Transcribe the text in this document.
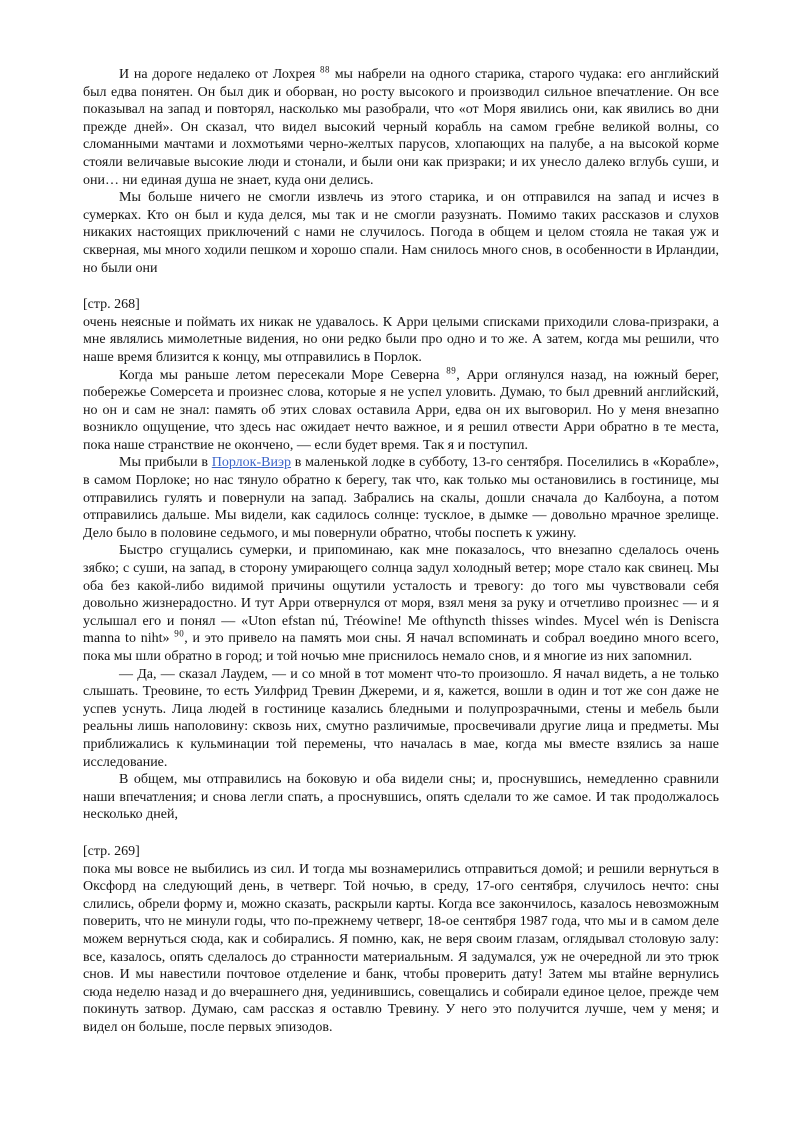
И на дороге недалеко от Лохрея $^{88}$ мы набрели на одного старика, старого чудака: его английский был едва понятен. Он был дик и оборван, но росту высокого и производил сильное впечатление. Он все показывал на запад и повторял, насколько мы разобрали, что «от Моря явились они, как явились во дни прежде дней». Он сказал, что видел высокий черный корабль на самом гребне великой волны, со сломанными мачтами и лохмотьями черно-желтых парусов, хлопающих на палубе, а на высокой корме стояли величавые высокие люди и стонали, и были они как призраки; и их унесло далеко вглубь суши, и они… ни единая душа не знает, куда они делись.

Мы больше ничего не смогли извлечь из этого старика, и он отправился на запад и исчез в сумерках. Кто он был и куда делся, мы так и не смогли разузнать. Помимо таких рассказов и слухов никаких настоящих приключений с нами не случилось. Погода в общем и целом стояла не такая уж и скверная, мы много ходили пешком и хорошо спали. Нам снилось много снов, в особенности в Ирландии, но были они

[стр. 268]

очень неясные и поймать их никак не удавалось. К Арри целыми списками приходили слова-призраки, а мне являлись мимолетные видения, но они редко были про одно и то же. А затем, когда мы решили, что наше время близится к концу, мы отправились в Порлок.

Когда мы раньше летом пересекали Море Северна $^{89}$, Арри оглянулся назад, на южный берег, побережье Сомерсета и произнес слова, которые я не успел уловить. Думаю, то был древний английский, но он и сам не знал: память об этих словах оставила Арри, едва он их выговорил. Но у меня внезапно возникло ощущение, что здесь нас ожидает нечто важное, и я решил отвести Арри обратно в те места, пока наше странствие не окончено, — если будет время. Так я и поступил.

Мы прибыли в Порлок-Виэр в маленькой лодке в субботу, 13-го сентября. Поселились в «Корабле», в самом Порлоке; но нас тянуло обратно к берегу, так что, как только мы остановились в гостинице, мы отправились гулять и повернули на запад. Забрались на скалы, дошли сначала до Калбоуна, а потом отправились дальше. Мы видели, как садилось солнце: тусклое, в дымке — довольно мрачное зрелище. Дело было в половине седьмого, и мы повернули обратно, чтобы поспеть к ужину.

Быстро сгущались сумерки, и припоминаю, как мне показалось, что внезапно сделалось очень зябко; с суши, на запад, в сторону умирающего солнца задул холодный ветер; море стало как свинец. Мы оба без какой-либо видимой причины ощутили усталость и тревогу: до того мы чувствовали себя довольно жизнерадостно. И тут Арри отвернулся от моря, взял меня за руку и отчетливо произнес — и я услышал его и понял — «Uton efstan nú, Tréowine! Me ofthyncth thisses windes. Mycel wén is Deniscra manna to niht» $^{90}$, и это привело на память мои сны. Я начал вспоминать и собрал воедино много всего, пока мы шли обратно в город; и той ночью мне приснилось немало снов, и я многие из них запомнил.

— Да, — сказал Лаудем, — и со мной в тот момент что-то произошло. Я начал видеть, а не только слышать. Треовине, то есть Уилфрид Тревин Джереми, и я, кажется, вошли в один и тот же сон даже не успев уснуть. Лица людей в гостинице казались бледными и полупрозрачными, стены и мебель были реальны лишь наполовину: сквозь них, смутно различимые, просвечивали другие лица и предметы. Мы приближались к кульминации той перемены, что началась в мае, когда мы вместе взялись за наше исследование.

В общем, мы отправились на боковую и оба видели сны; и, проснувшись, немедленно сравнили наши впечатления; и снова легли спать, а проснувшись, опять сделали то же самое. И так продолжалось несколько дней,

[стр. 269]

пока мы вовсе не выбились из сил. И тогда мы вознамерились отправиться домой; и решили вернуться в Оксфорд на следующий день, в четверг. Той ночью, в среду, 17-ого сентября, случилось нечто: сны слились, обрели форму и, можно сказать, раскрыли карты. Когда все закончилось, казалось невозможным поверить, что не минули годы, что по-прежнему четверг, 18-ое сентября 1987 года, что мы и в самом деле можем вернуться сюда, как и собирались. Я помню, как, не веря своим глазам, оглядывал столовую залу: все, казалось, опять сделалось до странности материальным. Я задумался, уж не очередной ли это трюк снов. И мы навестили почтовое отделение и банк, чтобы проверить дату! Затем мы втайне вернулись сюда неделю назад и до вчерашнего дня, уединившись, совещались и собирали единое целое, прежде чем покинуть затвор. Думаю, сам рассказ я оставлю Тревину. У него это получится лучше, чем у меня; и видел он больше, после первых эпизодов.
